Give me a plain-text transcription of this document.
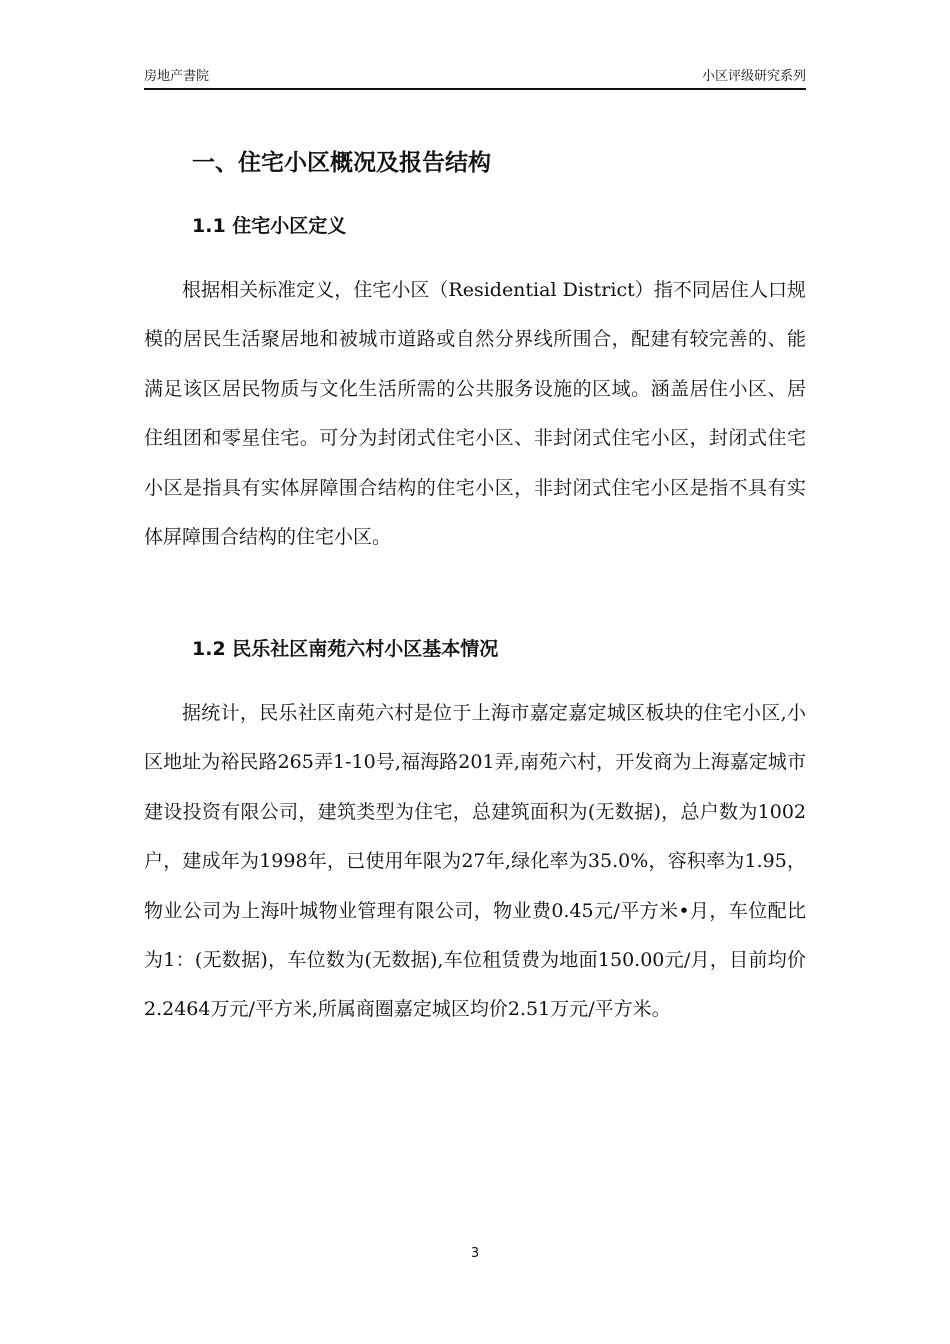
房地产書院	小区评级研究系列
一、住宅小区概况及报告结构
1.1 住宅小区定义

根据相关标准定义，住宅小区（Residential District）指不同居住人口规模的居民生活聚居地和被城市道路或自然分界线所围合，配建有较完善的、能满足该区居民物质与文化生活所需的公共服务设施的区域。涵盖居住小区、居住组团和零星住宅。可分为封闭式住宅小区、非封闭式住宅小区，封闭式住宅小区是指具有实体屏障围合结构的住宅小区，非封闭式住宅小区是指不具有实体屏障围合结构的住宅小区。

1.2 民乐社区南苑六村小区基本情况

据统计，民乐社区南苑六村是位于上海市嘉定嘉定城区板块的住宅小区,小区地址为裕民路265弄1-10号,福海路201弄,南苑六村，开发商为上海嘉定城市建设投资有限公司，建筑类型为住宅，总建筑面积为(无数据)，总户数为1002户，建成年为1998年，已使用年限为27年,绿化率为35.0%，容积率为1.95，物业公司为上海叶城物业管理有限公司，物业费0.45元/平方米•月，车位配比为1：(无数据)，车位数为(无数据),车位租赁费为地面150.00元/月，目前均价2.2464万元/平方米,所属商圈嘉定城区均价2.51万元/平方米。

3
